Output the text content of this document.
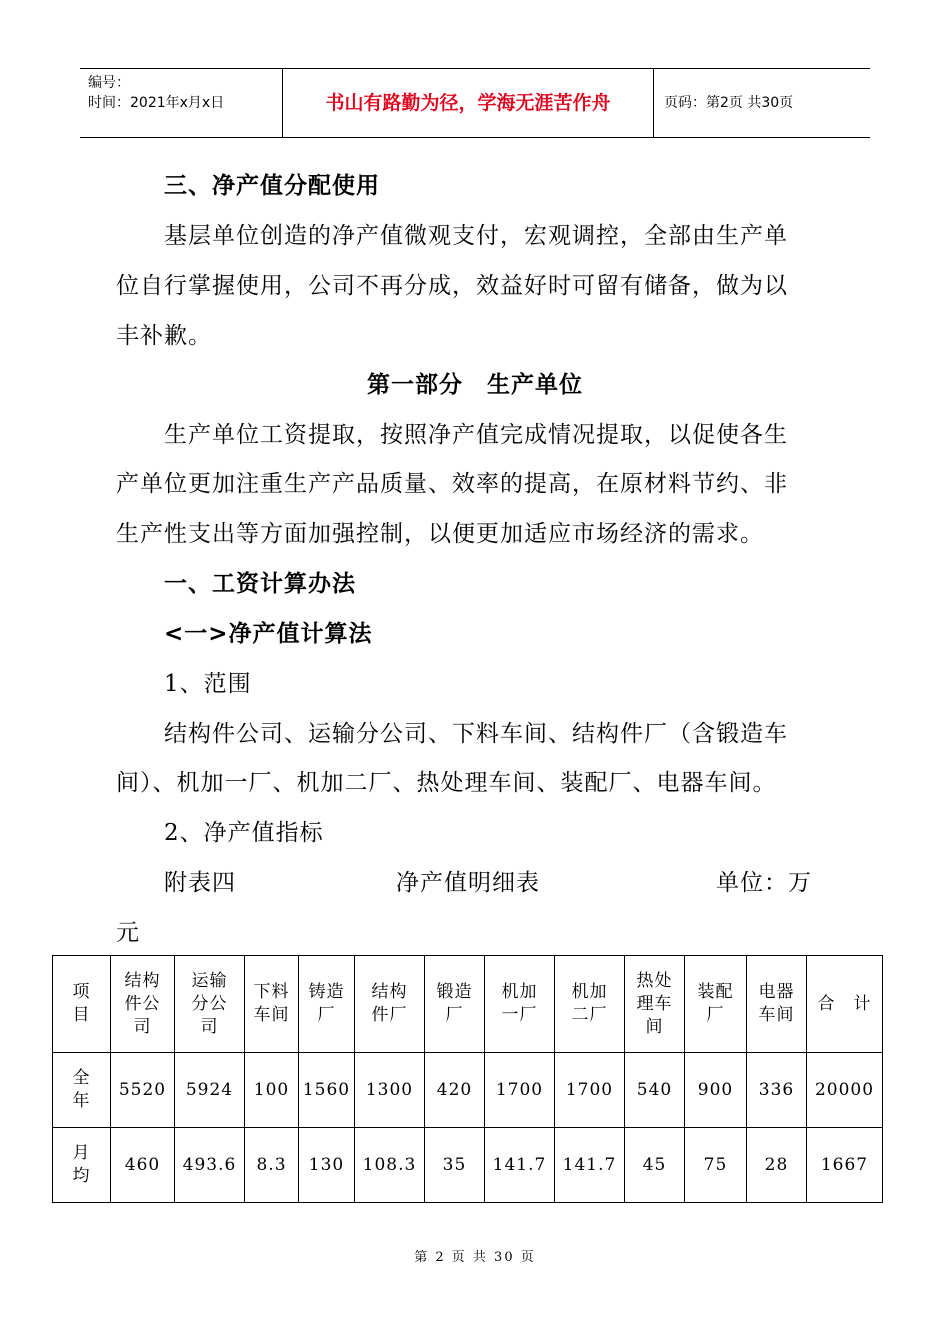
编号：
时间：2021年x月x日	书山有路勤为径，学海无涯苦作舟	页码：第2页 共30页
三、净产值分配使用
基层单位创造的净产值微观支付，宏观调控，全部由生产单
位自行掌握使用，公司不再分成，效益好时可留有储备，做为以
丰补歉。
第一部分　生产单位
生产单位工资提取，按照净产值完成情况提取，以促使各生
产单位更加注重生产产品质量、效率的提高，在原材料节约、非
生产性支出等方面加强控制，以便更加适应市场经济的需求。
一、工资计算办法
<一>净产值计算法
1、范围
结构件公司、运输分公司、下料车间、结构件厂（含锻造车
间）、机加一厂、机加二厂、热处理车间、装配厂、电器车间。
2、净产值指标
附表四	净产值明细表	单位：万
元
项
目	结构
件公
司	运输
分公
司	下料
车间	铸造
厂	结构
件厂	锻造
厂	机加
一厂	机加
二厂	热处
理车
间	装配
厂	电器
车间	合　计
全
年	5520	5924	100	1560	1300	420	1700	1700	540	900	336	20000
月
均	460	493.6	8.3	130	108.3	35	141.7	141.7	45	75	28	1667
第 2 页 共 30 页
